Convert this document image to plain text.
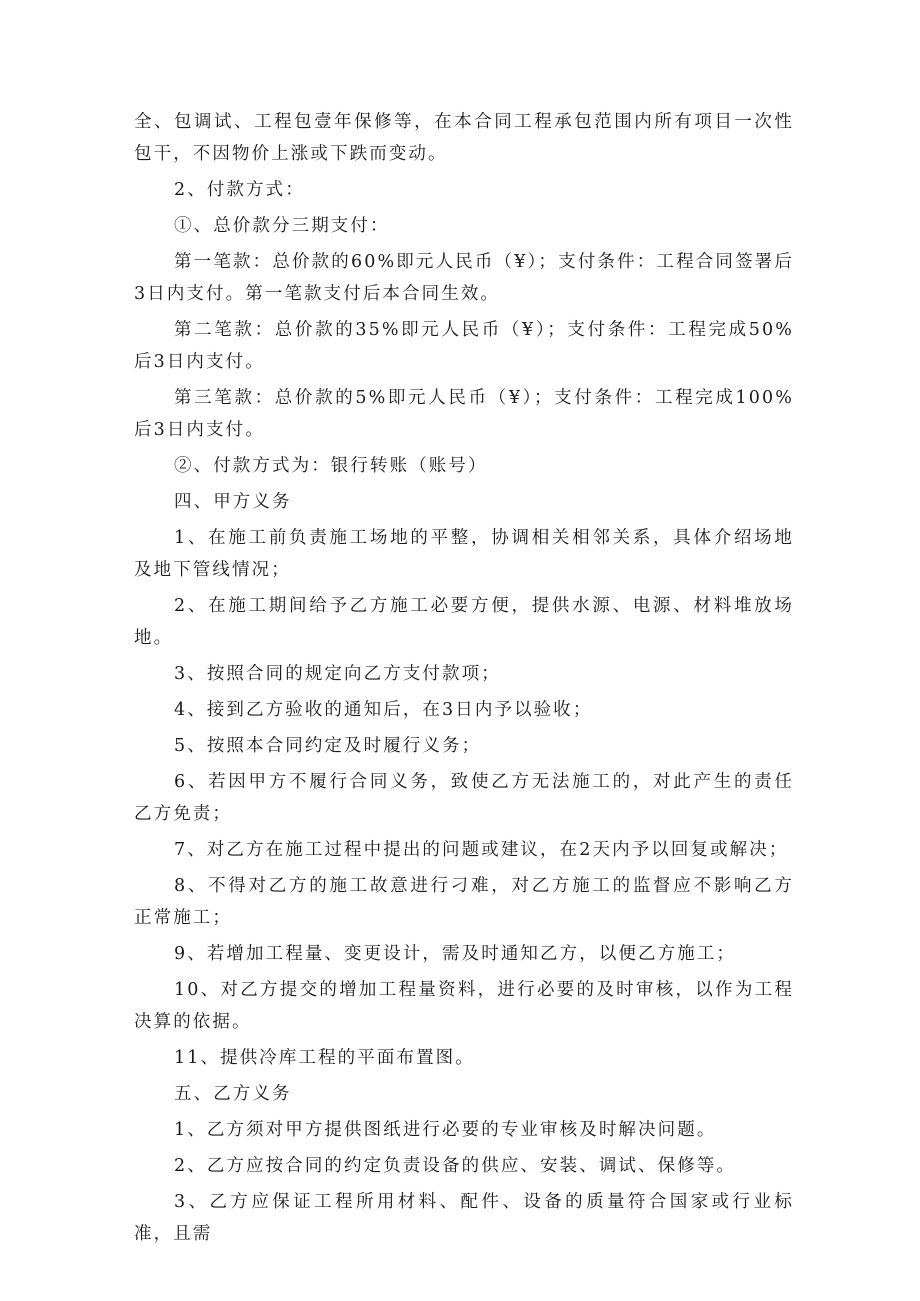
全、包调试、工程包壹年保修等，在本合同工程承包范围内所有项目一次性包干，不因物价上涨或下跌而变动。

2、付款方式：

①、总价款分三期支付：

第一笔款：总价款的60%即元人民币（¥）；支付条件：工程合同签署后3日内支付。第一笔款支付后本合同生效。

第二笔款：总价款的35%即元人民币（¥）；支付条件：工程完成50%后3日内支付。

第三笔款：总价款的5%即元人民币（¥）；支付条件：工程完成100%后3日内支付。

②、付款方式为：银行转账（账号）

四、甲方义务

1、在施工前负责施工场地的平整，协调相关相邻关系，具体介绍场地及地下管线情况；

2、在施工期间给予乙方施工必要方便，提供水源、电源、材料堆放场地。

3、按照合同的规定向乙方支付款项；

4、接到乙方验收的通知后，在3日内予以验收；

5、按照本合同约定及时履行义务；

6、若因甲方不履行合同义务，致使乙方无法施工的，对此产生的责任乙方免责；

7、对乙方在施工过程中提出的问题或建议，在2天内予以回复或解决；

8、不得对乙方的施工故意进行刁难，对乙方施工的监督应不影响乙方正常施工；

9、若增加工程量、变更设计，需及时通知乙方，以便乙方施工；

10、对乙方提交的增加工程量资料，进行必要的及时审核，以作为工程决算的依据。

11、提供冷库工程的平面布置图。

五、乙方义务

1、乙方须对甲方提供图纸进行必要的专业审核及时解决问题。

2、乙方应按合同的约定负责设备的供应、安装、调试、保修等。

3、乙方应保证工程所用材料、配件、设备的质量符合国家或行业标准，且需
